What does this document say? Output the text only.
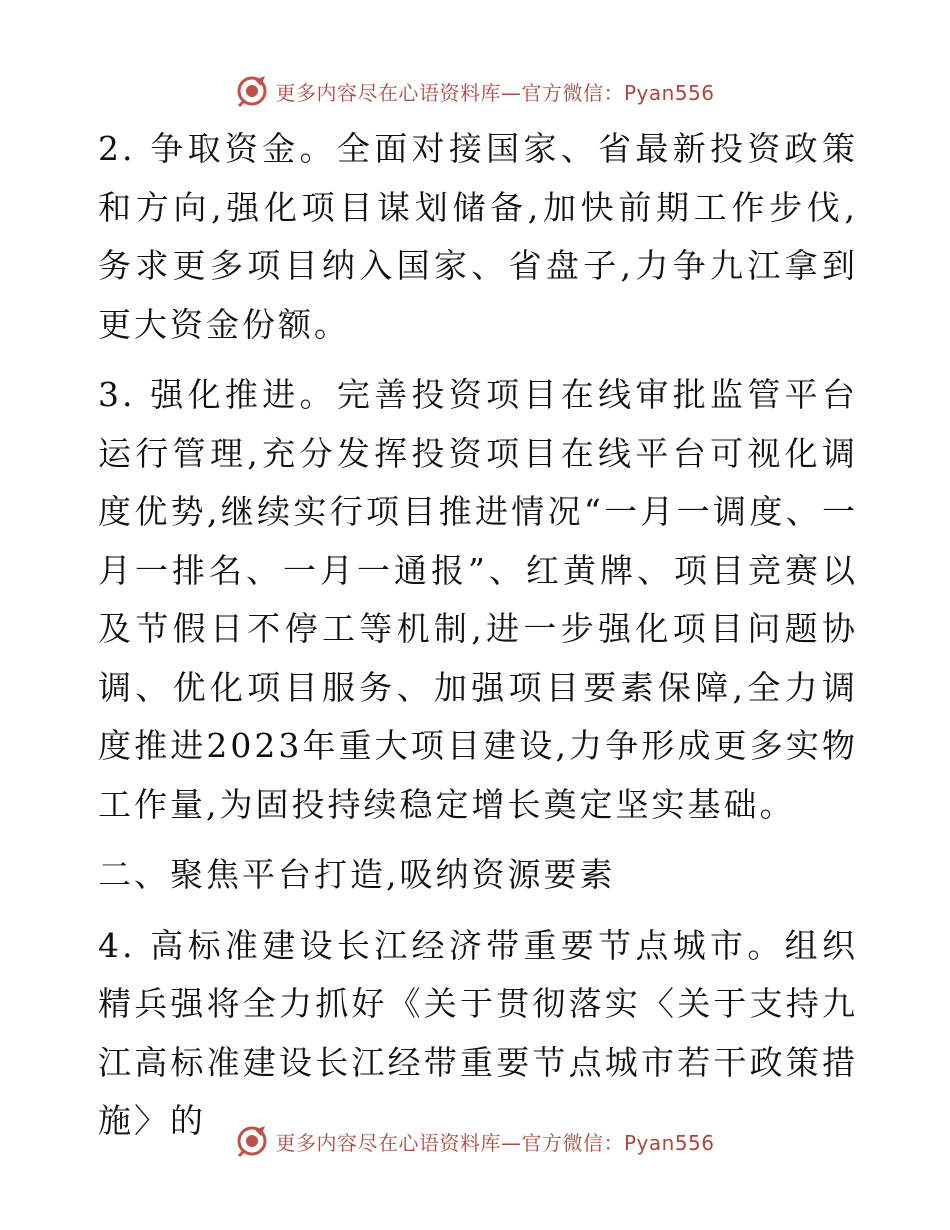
更多内容尽在心语资料库—官方微信：Pyan556

2. 争取资金。全面对接国家、省最新投资政策和方向,强化项目谋划储备,加快前期工作步伐,务求更多项目纳入国家、省盘子,力争九江拿到更大资金份额。

3. 强化推进。完善投资项目在线审批监管平台运行管理,充分发挥投资项目在线平台可视化调度优势,继续实行项目推进情况“一月一调度、一月一排名、一月一通报”、红黄牌、项目竞赛以及节假日不停工等机制,进一步强化项目问题协调、优化项目服务、加强项目要素保障,全力调度推进2023年重大项目建设,力争形成更多实物工作量,为固投持续稳定增长奠定坚实基础。

二、聚焦平台打造,吸纳资源要素

4. 高标准建设长江经济带重要节点城市。组织精兵强将全力抓好《关于贯彻落实〈关于支持九江高标准建设长江经带重要节点城市若干政策措施〉的

更多内容尽在心语资料库—官方微信：Pyan556
